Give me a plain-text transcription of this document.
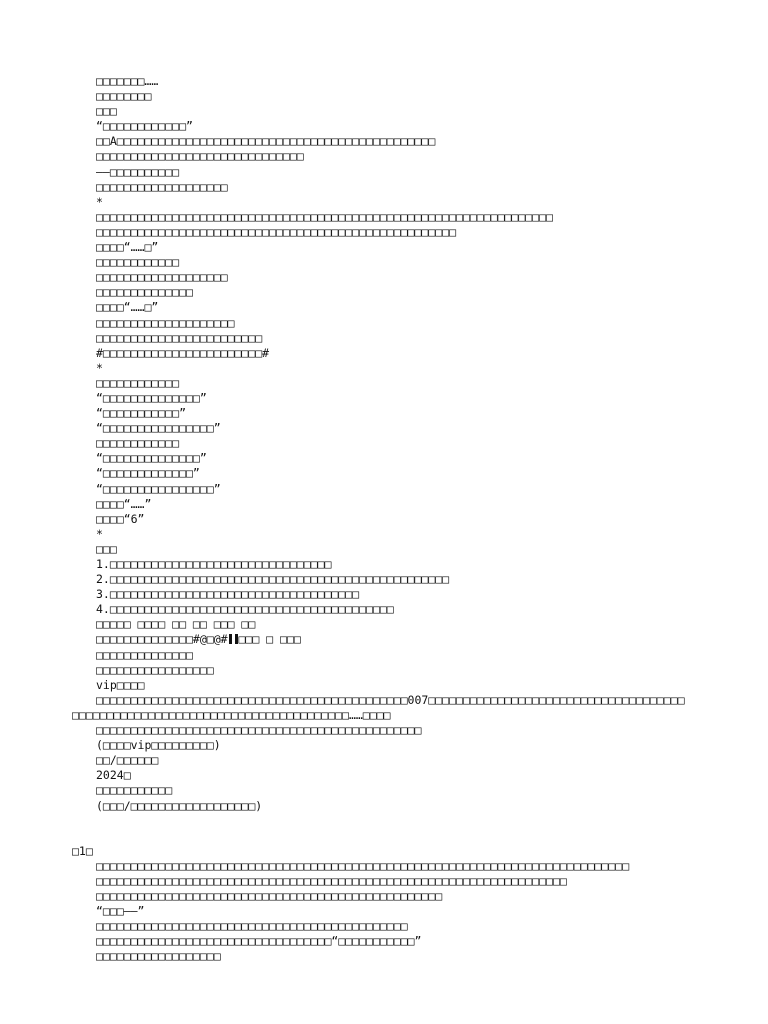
□□□□□□□……
□□□□□□□□
□□□
“□□□□□□□□□□□□”
□□A□□□□□□□□□□□□□□□□□□□□□□□□□□□□□□□□□□□□□□□□□□□□□□
□□□□□□□□□□□□□□□□□□□□□□□□□□□□□□
——□□□□□□□□□□
□□□□□□□□□□□□□□□□□□□
*
□□□□□□□□□□□□□□□□□□□□□□□□□□□□□□□□□□□□□□□□□□□□□□□□□□□□□□□□□□□□□□□□□□
□□□□□□□□□□□□□□□□□□□□□□□□□□□□□□□□□□□□□□□□□□□□□□□□□□□□
□□□□“……□”
□□□□□□□□□□□□
□□□□□□□□□□□□□□□□□□□
□□□□□□□□□□□□□□
□□□□“……□”
□□□□□□□□□□□□□□□□□□□□
□□□□□□□□□□□□□□□□□□□□□□□□
#□□□□□□□□□□□□□□□□□□□□□□□#
*
□□□□□□□□□□□□
“□□□□□□□□□□□□□□”
“□□□□□□□□□□□”
“□□□□□□□□□□□□□□□□”
□□□□□□□□□□□□
“□□□□□□□□□□□□□□”
“□□□□□□□□□□□□□”
“□□□□□□□□□□□□□□□□”
□□□□“……”
□□□□“6”
*
□□□
1.□□□□□□□□□□□□□□□□□□□□□□□□□□□□□□□□
2.□□□□□□□□□□□□□□□□□□□□□□□□□□□□□□□□□□□□□□□□□□□□□□□□□
3.□□□□□□□□□□□□□□□□□□□□□□□□□□□□□□□□□□□□
4.□□□□□□□□□□□□□□□□□□□□□□□□□□□□□□□□□□□□□□□□□
□□□□□ □□□□ □□ □□ □□□ □□
□□□□□□□□□□□□□□#@□@# □□□ □ □□□
□□□□□□□□□□□□□□
□□□□□□□□□□□□□□□□□
vip□□□□
□□□□□□□□□□□□□□□□□□□□□□□□□□□□□□□□□□□□□□□□□□□□□007□□□□□□□□□□□□□□□□□□□□□□□□□□□□□□□□□□□□□
□□□□□□□□□□□□□□□□□□□□□□□□□□□□□□□□□□□□□□□□……□□□□
□□□□□□□□□□□□□□□□□□□□□□□□□□□□□□□□□□□□□□□□□□□□□□□
(□□□□vip□□□□□□□□□)
□□/□□□□□□
2024□
□□□□□□□□□□□
(□□□/□□□□□□□□□□□□□□□□□□)
□1□
□□□□□□□□□□□□□□□□□□□□□□□□□□□□□□□□□□□□□□□□□□□□□□□□□□□□□□□□□□□□□□□□□□□□□□□□□□□□□
□□□□□□□□□□□□□□□□□□□□□□□□□□□□□□□□□□□□□□□□□□□□□□□□□□□□□□□□□□□□□□□□□□□□
□□□□□□□□□□□□□□□□□□□□□□□□□□□□□□□□□□□□□□□□□□□□□□□□□□
“□□□——”
□□□□□□□□□□□□□□□□□□□□□□□□□□□□□□□□□□□□□□□□□□□□□
□□□□□□□□□□□□□□□□□□□□□□□□□□□□□□□□□□“□□□□□□□□□□□”
□□□□□□□□□□□□□□□□□□
